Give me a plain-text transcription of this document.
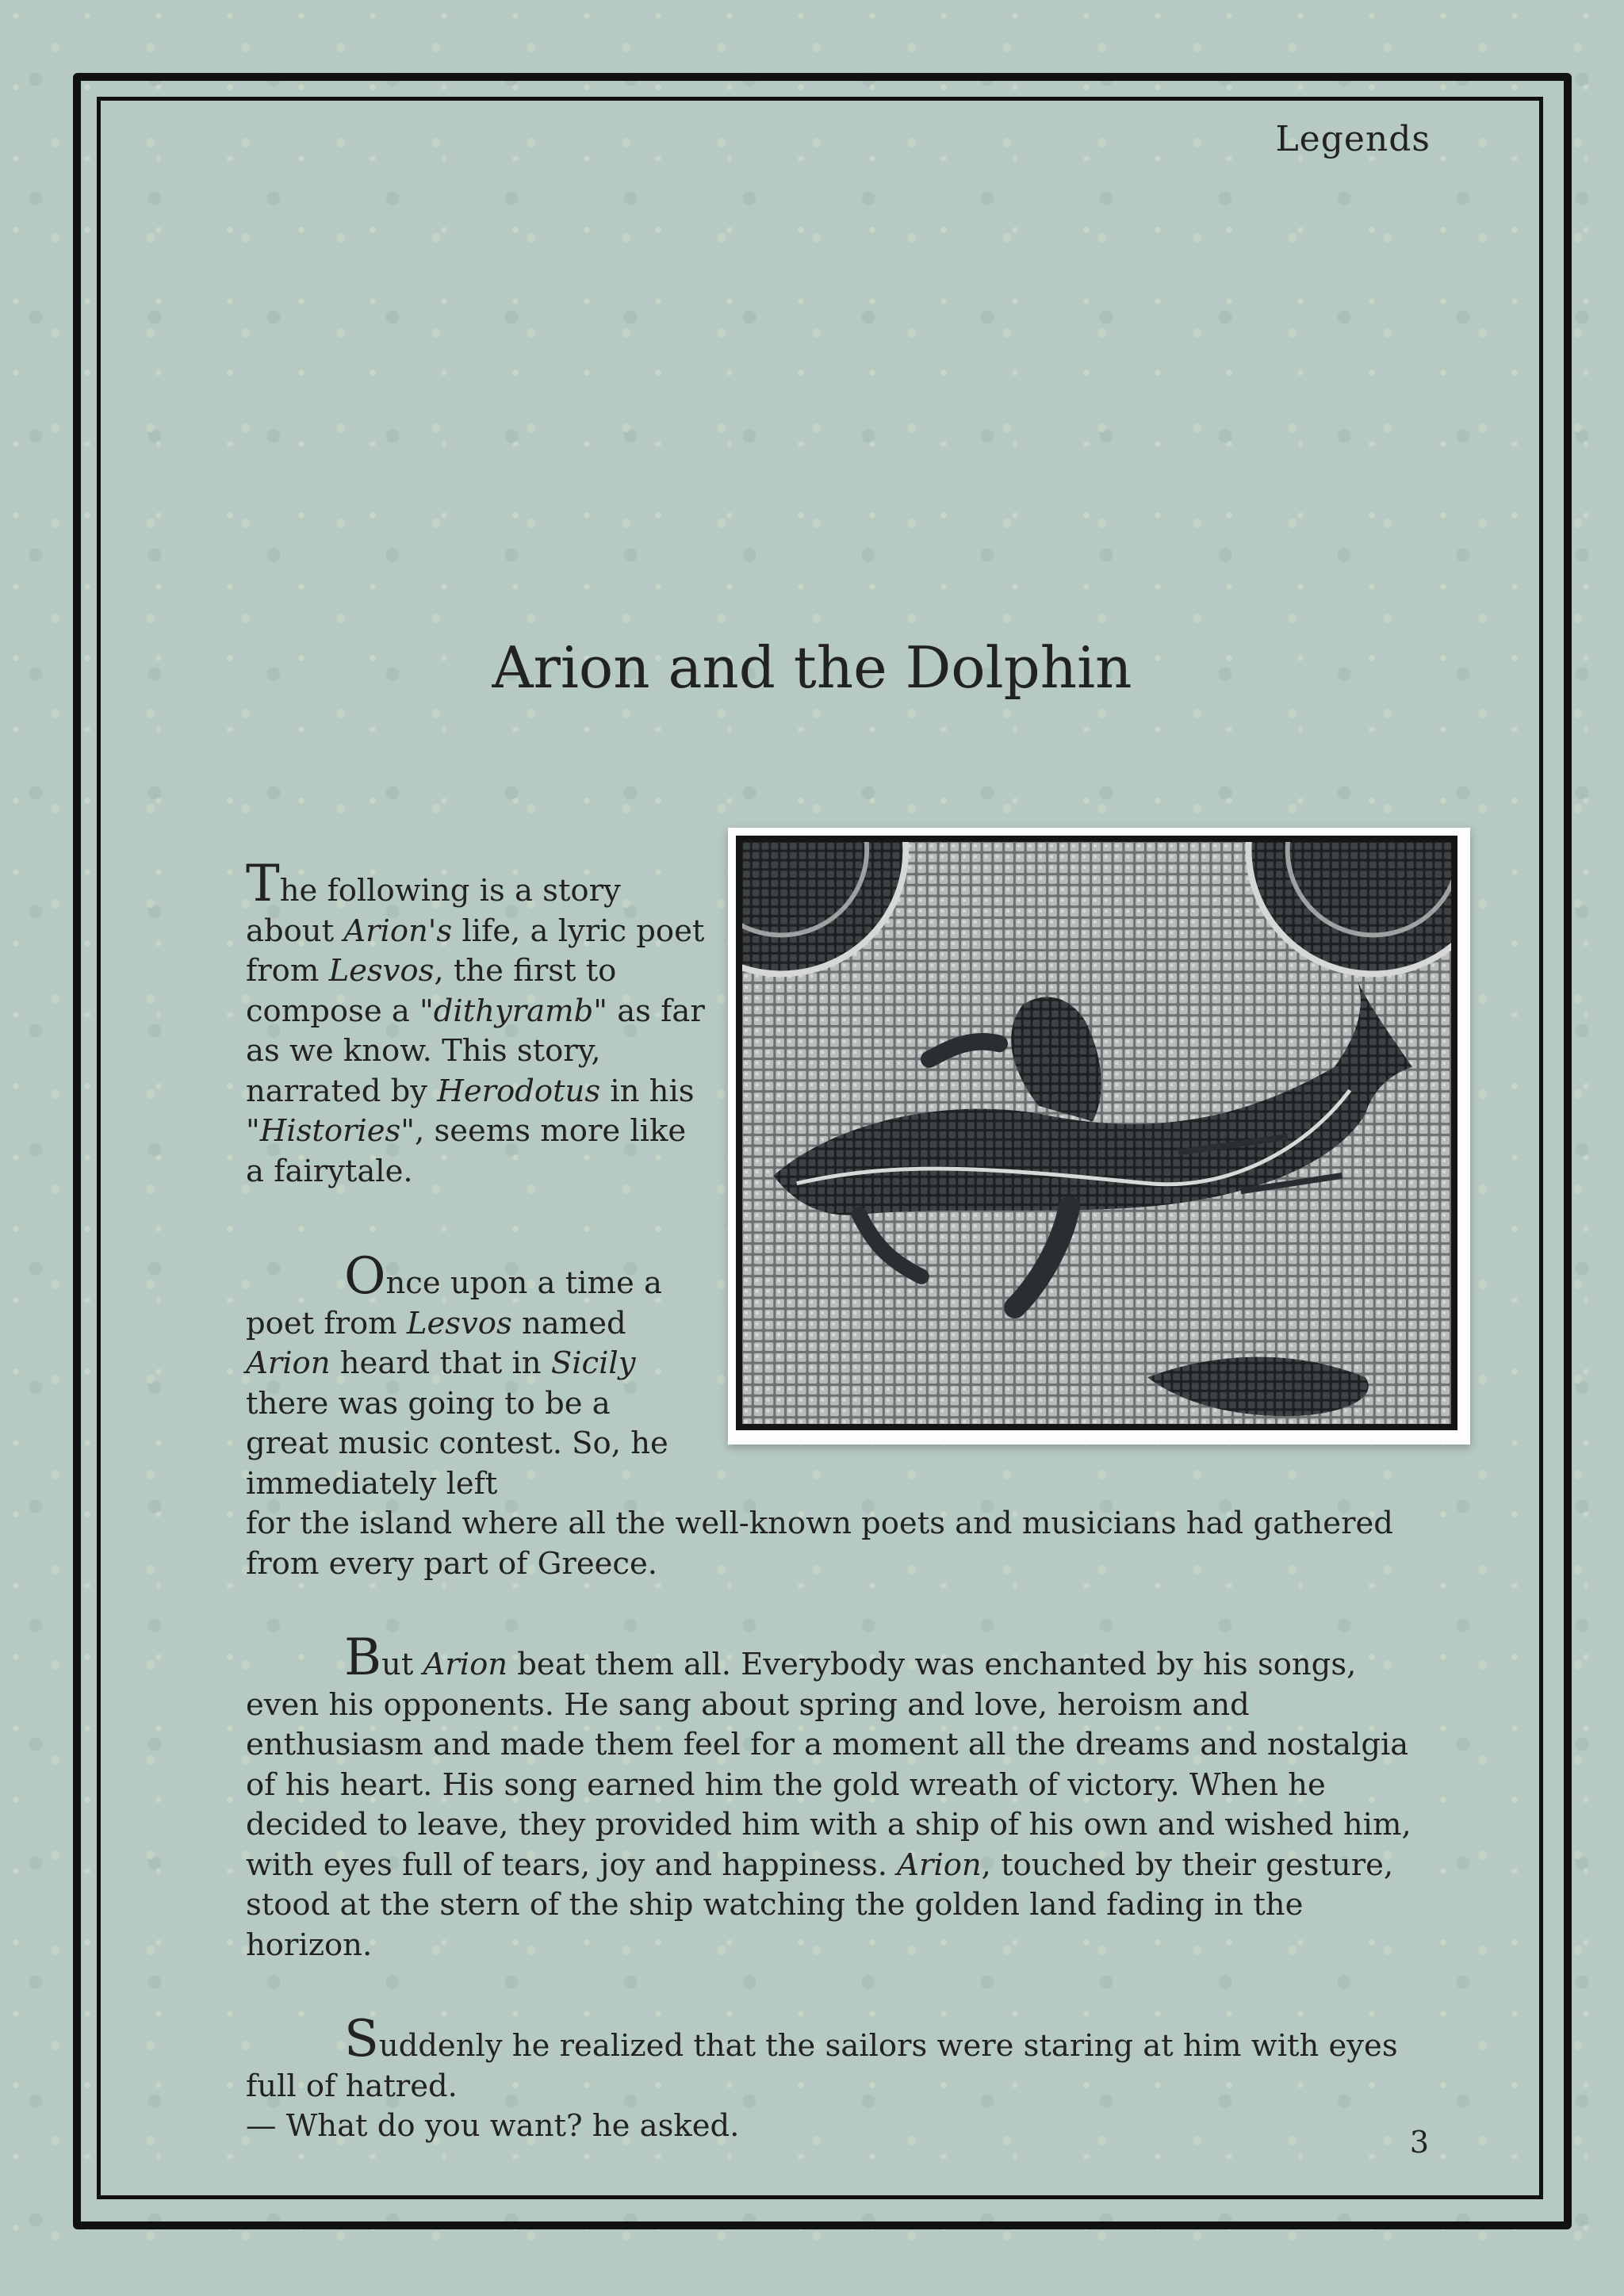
Legends
Arion and the Dolphin

The following is a story about Arion's life, a lyric poet from Lesvos, the first to compose a "dithyramb" as far as we know. This story, narrated by Herodotus in his "Histories", seems more like a fairytale.

Once upon a time a poet from Lesvos named Arion heard that in Sicily there was going to be a great music contest. So, he immediately left
for the island where all the well-known poets and musicians had gathered from every part of Greece.

But Arion beat them all. Everybody was enchanted by his songs, even his opponents. He sang about spring and love, heroism and enthusiasm and made them feel for a moment all the dreams and nostalgia of his heart. His song earned him the gold wreath of victory. When he decided to leave, they provided him with a ship of his own and wished him, with eyes full of tears, joy and happiness. Arion, touched by their gesture, stood at the stern of the ship watching the golden land fading in the horizon.

Suddenly he realized that the sailors were staring at him with eyes full of hatred.

— What do you want? he asked.	3
